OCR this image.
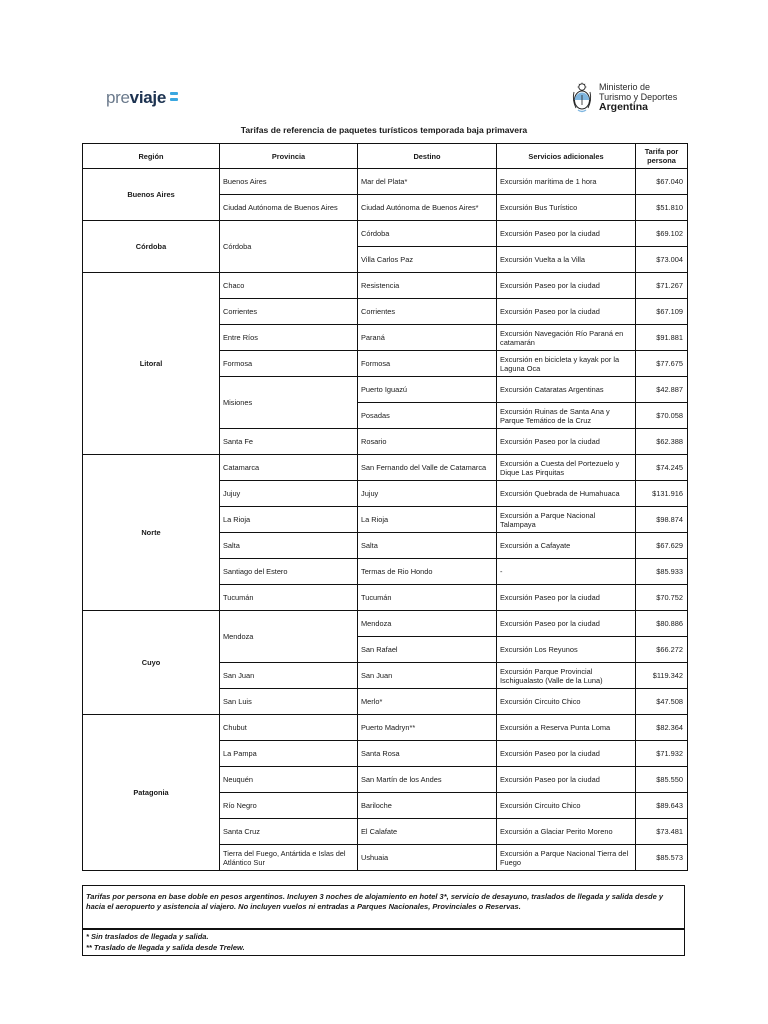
previaje
Ministerio de
Turismo y Deportes
Argentina
Tarifas de referencia de paquetes turísticos temporada baja primavera
Región	Provincia	Destino	Servicios adicionales	Tarifa por persona
Buenos Aires	Buenos Aires	Mar del Plata*	Excursión marítima de 1 hora	$67.040
	Ciudad Autónoma de Buenos Aires	Ciudad Autónoma de Buenos Aires*	Excursión Bus Turístico	$51.810
Córdoba	Córdoba	Córdoba	Excursión Paseo por la ciudad	$69.102
		Villa Carlos Paz	Excursión Vuelta a la Villa	$73.004
Litoral	Chaco	Resistencia	Excursión Paseo por la ciudad	$71.267
	Corrientes	Corrientes	Excursión Paseo por la ciudad	$67.109
	Entre Ríos	Paraná	Excursión Navegación Río Paraná en catamarán	$91.881
	Formosa	Formosa	Excursión en bicicleta y kayak por la Laguna Oca	$77.675
	Misiones	Puerto Iguazú	Excursión Cataratas Argentinas	$42.887
		Posadas	Excursión Ruinas de Santa Ana y Parque Temático de la Cruz	$70.058
	Santa Fe	Rosario	Excursión Paseo por la ciudad	$62.388
Norte	Catamarca	San Fernando del Valle de Catamarca	Excursión a Cuesta del Portezuelo y Dique Las Pirquitas	$74.245
	Jujuy	Jujuy	Excursión Quebrada de Humahuaca	$131.916
	La Rioja	La Rioja	Excursión a Parque Nacional Talampaya	$98.874
	Salta	Salta	Excursión a Cafayate	$67.629
	Santiago del Estero	Termas de Rio Hondo	-	$85.933
	Tucumán	Tucumán	Excursión Paseo por la ciudad	$70.752
Cuyo	Mendoza	Mendoza	Excursión Paseo por la ciudad	$80.886
		San Rafael	Excursión Los Reyunos	$66.272
	San Juan	San Juan	Excursión Parque Provincial Ischigualasto (Valle de la Luna)	$119.342
	San Luis	Merlo*	Excursión Circuito Chico	$47.508
Patagonia	Chubut	Puerto Madryn**	Excursión a Reserva Punta Loma	$82.364
	La Pampa	Santa Rosa	Excursión Paseo por la ciudad	$71.932
	Neuquén	San Martín de los Andes	Excursión Paseo por la ciudad	$85.550
	Río Negro	Bariloche	Excursión Circuito Chico	$89.643
	Santa Cruz	El Calafate	Excursión a Glaciar Perito Moreno	$73.481
	Tierra del Fuego, Antártida e Islas del Atlántico Sur	Ushuaia	Excursión a Parque Nacional Tierra del Fuego	$85.573

Tarifas por persona en base doble en pesos argentinos. Incluyen 3 noches de alojamiento en hotel 3*, servicio de desayuno, traslados de llegada y salida desde y hacia el aeropuerto y asistencia al viajero. No incluyen vuelos ni entradas a Parques Nacionales, Provinciales o Reservas.

* Sin traslados de llegada y salida.

** Traslado de llegada y salida desde Trelew.
